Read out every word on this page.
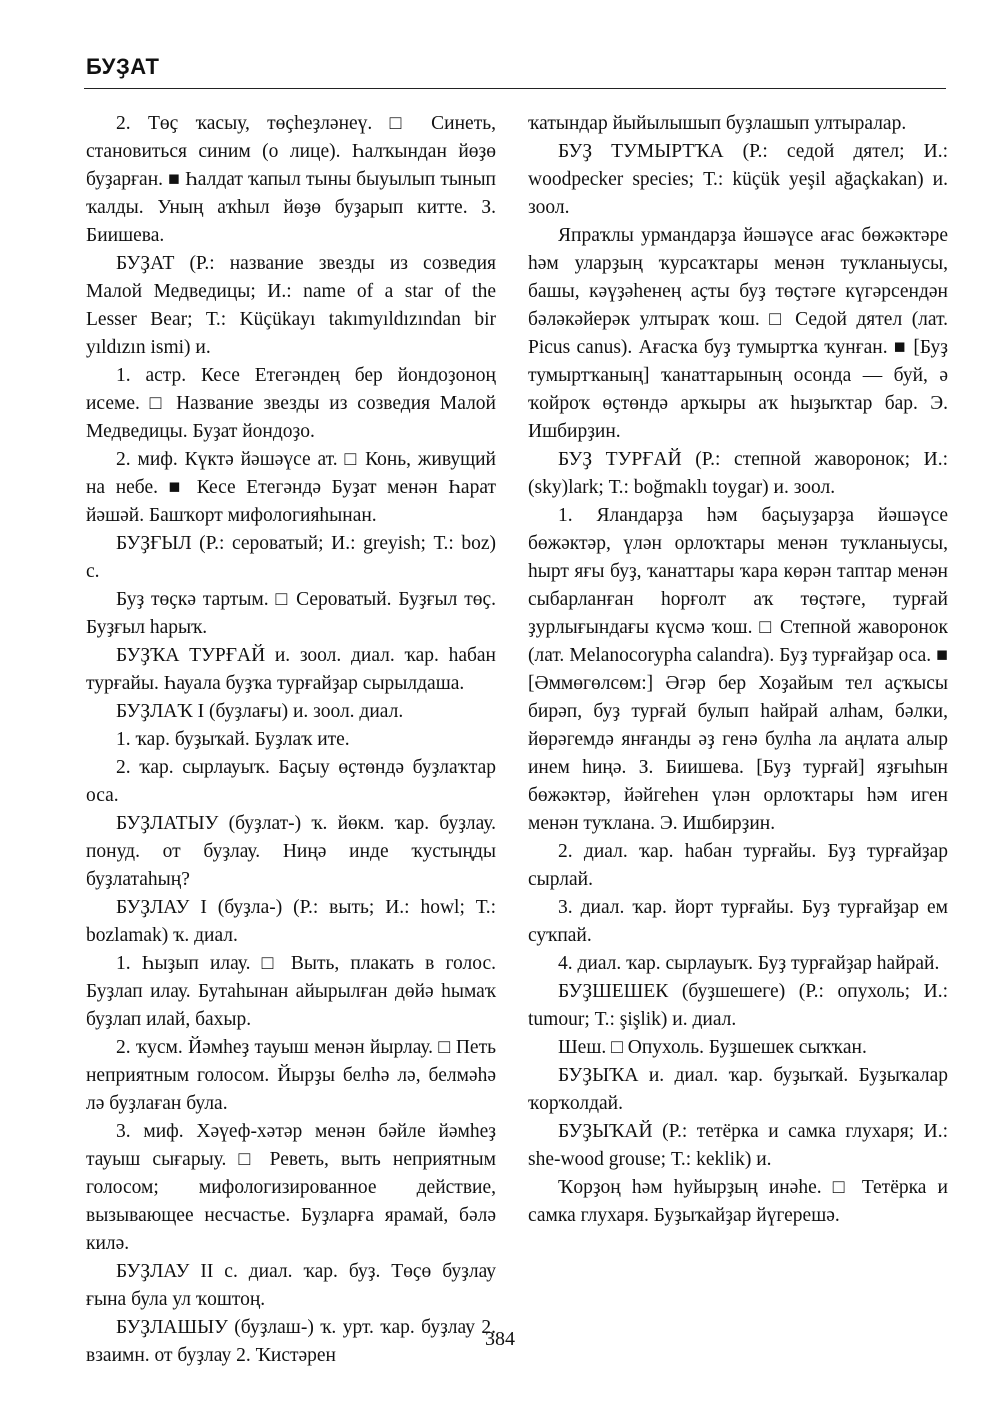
БУҘАТ

2. Төҫ ҡасыу, төҫһеҙләнеү. □ Синеть, становиться синим (о лице). Һалҡындан йөҙө буҙарған. ■ Һалдат ҡапыл тыны быуылып тынып ҡалды. Уның аҡһыл йөҙө буҙарып китте. З. Биишева.

БУҘАТ (Р.: название звезды из созведия Малой Медведицы; И.: name of a star of the Lesser Bear; Т.: Küçükayı takımyıldızından bir yıldızın ismi) и.

1. астр. Кесе Етегәндең бер йондоҙоноң исеме. □ Название звезды из созведия Малой Медведицы. Буҙат йондоҙо.

2. миф. Күктә йәшәүсе ат. □ Конь, живущий на небе. ■ Кесе Етегәндә Буҙат менән Һарат йәшәй. Башҡорт мифологияһынан.

БУҘҒЫЛ (Р.: сероватый; И.: greyish; Т.: boz) с.

Буҙ төҫкә тартым. □ Сероватый. Буҙғыл төҫ. Буҙғыл һарыҡ.

БУҘҠА ТУРҒАЙ и. зоол. диал. ҡар. һабан турғайы. Һауала буҙҡа турғайҙар сырылдаша.

БУҘЛАҠ I (буҙлағы) и. зоол. диал.

1. ҡар. буҙыҡай. Буҙлаҡ ите.

2. ҡар. сырлауыҡ. Баҫыу өҫтөндә буҙлаҡтар оса.

БУҘЛАТЫУ (буҙлат-) ҡ. йөкм. ҡар. буҙлау. понуд. от буҙлау. Ниңә инде ҡустыңды буҙлатаһың?

БУҘЛАУ I (буҙла-) (Р.: выть; И.: howl; Т.: bozlamak) ҡ. диал.

1. Һыҙып илау. □ Выть, плакать в голос. Буҙлап илау. Бутаһынан айырылған дөйә һымаҡ буҙлап илай, бахыр.

2. ҡусм. Йәмһеҙ тауыш менән йырлау. □ Петь неприятным голосом. Йырҙы белһә лә, белмәһә лә буҙлаған була.

3. миф. Хәүеф-хәтәр менән бәйле йәмһеҙ тауыш сығарыу. □ Реветь, выть неприятным голосом; мифологизированное действие, вызывающее несчастье. Буҙларға ярамай, бәлә килә.

БУҘЛАУ II с. диал. ҡар. буҙ. Төҫө буҙлау ғына була ул ҡоштоң.

БУҘЛАШЫУ (буҙлаш-) ҡ. урт. ҡар. буҙлау 2. взаимн. от буҙлау 2. Ҡистәрен

ҡатындар йыйылышып буҙлашып ултыралар.

БУҘ ТУМЫРТҠА (Р.: седой дятел; И.: woodpecker species; Т.: küçük yeşil ağaçkakan) и. зоол.

Япраҡлы урмандарҙа йәшәүсе ағас бөжәктәре һәм уларҙың ҡурсаҡтары менән туҡланыусы, башы, кәүҙәһенең аҫты буҙ төҫтәге күгәрсендән бәләкәйерәк ултыраҡ ҡош. □ Седой дятел (лат. Picus canus). Ағасҡа буҙ тумыртҡа ҡунған. ■ [Буҙ тумыртҡаның] ҡанаттарының осонда — буй, ә ҡойроҡ өҫтөндә арҡыры аҡ һыҙыҡтар бар. Э. Ишбирҙин.

БУҘ ТУРҒАЙ (Р.: степной жаворонок; И.: (sky)lark; Т.: boğmaklı toygar) и. зоол.

1. Яландарҙа һәм баҫыуҙарҙа йәшәүсе бөжәктәр, үлән орлоҡтары менән туҡланыусы, һырт яғы буҙ, ҡанаттары ҡара көрән таптар менән сыбарланған һорғолт аҡ төҫтәге, турғай ҙурлығындағы күсмә ҡош. □ Степной жаворонок (лат. Melanocorypha calandra). Буҙ турғайҙар оса. ■ [Әммөгөлсөм:] Әгәр бер Хоҙайым тел аҫҡысы бирәп, буҙ турғай булып һайрай алһам, бәлки, йөрәгемдә янғанды әҙ генә булһа ла аңлата алыр инем һиңә. З. Биишева. [Буҙ турғай] яҙғыһын бөжәктәр, йәйгеһен үлән орлоҡтары һәм иген менән туҡлана. Э. Ишбирҙин.

2. диал. ҡар. һабан турғайы. Буҙ турғайҙар сырлай.

3. диал. ҡар. йорт турғайы. Буҙ турғайҙар ем суҡпай.

4. диал. ҡар. сырлауыҡ. Буҙ турғайҙар һайрай.

БУҘШЕШЕК (буҙшешеге) (Р.: опухоль; И.: tumour; Т.: şişlik) и. диал.

Шеш. □ Опухоль. Буҙшешек сыҡҡан.

БУҘЫҠА и. диал. ҡар. буҙыҡай. Буҙыҡалар ҡорҡолдай.

БУҘЫҠАЙ (Р.: тетёрка и самка глухаря; И.: she-wood grouse; Т.: keklik) и.

Ҡорҙоң һәм һуйырҙың инәһе. □ Тетёрка и самка глухаря. Буҙыҡайҙар йүгерешә.

384
